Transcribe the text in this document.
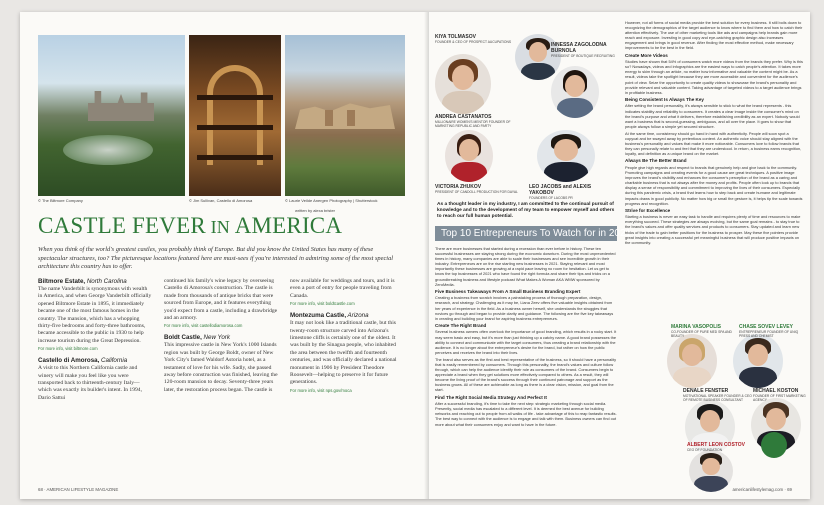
© The Biltmore Company	© Jim Sullivan, Castello di Amorosa	© Laurie Veilde Anergen Photography | Shutterstock
written by alexa brister
CASTLE FEVER IN AMERICA
When you think of the world's greatest castles, you probably think of Europe. But did you know the United States has many of these spectacular structures, too? The picturesque locations featured here are must-sees if you're interested in admiring some of the most special architecture this country has to offer.
Biltmore Estate, North Carolina
The name Vanderbilt is synonymous with wealth in America, and when George Vanderbilt officially opened Biltmore Estate in 1895, it immediately became one of the most famous homes in the country. The mansion, which has a whopping thirty-five bedrooms and forty-three bathrooms, became accessible to the public in 1930 to help increase tourism during the Great Depression.
For more info, visit biltmore.com
Castello di Amorosa, California
A visit to this Northern California castle and winery will make you feel like you were transported back to thirteenth-century Italy—which was exactly its builder's intent. In 1994, Dario Sattui
continued his family's wine legacy by overseeing Castello di Amorosa's construction. The castle is made from thousands of antique bricks that were sourced from Europe, and it features everything you'd expect from a castle, including a drawbridge and an armory.
For more info, visit castellodiamorosa.com
Boldt Castle, New York
This impressive castle in New York's 1000 Islands region was built by George Boldt, owner of New York City's famed Waldorf Astoria hotel, as a testament of love for his wife. Sadly, she passed away before construction was finished, leaving the 120-room mansion to decay. Seventy-three years later, the restoration process began. The castle is
now available for weddings and tours, and it is even a port of entry for people traveling from Canada.
For more info, visit boldtcastle.com
Montezuma Castle, Arizona
It may not look like a traditional castle, but this twenty-room structure carved into Arizona's limestone cliffs is certainly one of the oldest. It was built by the Sinagua people, who inhabited the area between the twelfth and fourteenth centuries, and was officially declared a national monument in 1906 by President Theodore Roosevelt—helping to preserve it for future generations.
For more info, visit nps.gov/moca
68 · AMERICAN LIFESTYLE MAGAZINE
KIYA TOLMASOV
FOUNDER & CEO OF PROSPECT AUCUPATIONS	INNESSA ZAGOLODNA BURNOLA
PRESIDENT OF BOUTIQUE RECRUITING
ANDREA CASTANATOS
MILLIONAIRE WOMEN'S MENTOR FOUNDER OF MARKETING REPUBLIC AND PARTY
VICTORIA ZHUKOV
PRESIDENT OF CANDOLL PRODUCTION FOR DAYAL
LEO JACOBS and ALEXIS YAKOBOV
FOUNDERS OF LACOBS PR
As a thought leader in my industry, I am committed to the continual pursuit of knowledge and to the development of my team to empower myself and others to reach our full human potential.
Top 10 Entrepreneurs To Watch for in 2021

There are more businesses that started during a recession than ever before in history. These ten successful businesses are staying strong during the economic downturn. During the most unprecedented times in history, many companies are able to scale their businesses and see incredible growth in their industry. Entrepreneurs are on the rise starting new businesses in 2021. Staying relevant and most importantly these businesses are growing at a rapid pace leaving no room for hesitation. Let us get to know the top businesses of 2021 who have found the right formula and share their tips and tricks on a groundbreaking business and lifestyle podcast What Makes A Woman AKA WMW sponsored by ZeroMedia.

Five Business Takeaways From A Small Business Branding Expert

Creating a business from scratch involves a painstaking process of thorough preparation, design, research, and strategy. Challenging as it may be, Liana Zeev offers five valuable insights obtained from her years of experience in the field. As a business owner herself, she understands the struggles that novices go through and began to provide clarity and guidance. The following are the five key takeaways in creating and building your brand for aspiring business entrepreneurs.

Create The Right Brand

Several business owners often overlook the importance of good branding, which results in a rocky start. It may seem basic and easy, but it's more than just thinking up a catchy name. A good brand possesses the ability to connect and communicate with the target consumers, thus creating a brand relationship with the audience. It is no longer about the entrepreneur's desire for the brand, but rather on how the public perceives and receives the brand into their lives.

The brand also serves as the first and best representative of the business, so it should have a personality that is easily remembered by consumers. Through this personality, the brand's values and culture follow through, which can help the audience identify their role as consumers of the brand. Consumers begin to appreciate a brand when they get solutions more effectively compared to others. As a result, they will become the living proof of the brand's success through their continued patronage and support as the business grows. All of these are achievable as long as there is a clear vision, mission, and goal from the start.

Find The Right Social Media Strategy And Perfect It

After a successful branding, it's time to take the next step: strategic marketing through social media. Presently, social media has escalated to a different level. It is deemed the best avenue for building networks and reaching out to people from all walks of life - take advantage of this to reap fantastic results. The best way to connect with the audience is to engage and talk with them. Business owners can find out more about what their consumers enjoy and want to have in the future.

However, not all forms of social media provide the best solution for every business. It still boils down to recognizing the demographics of the target audience to know where to find them and how to catch their attention effectively. The use of other marketing tools like ads and campaigns help brands gain more reach and exposure. Investing in good copy and eye-catching graphic design also increases engagement and brings in good revenue. After finding the most effective method, make necessary improvements to be the best in the field.

Create More Videos

Studies have shown that 54% of consumers watch more videos from the brands they prefer. Why is this so? Nowadays, videos and infographics are the easiest ways to catch people's attention. It takes more energy to skim through an article, no matter how informative and valuable the content might be. As a result, videos take the spotlight because they are more accessible and convenient for the audience's point of view. Seize the opportunity to create quality videos to showcase the brand's personality and provide relevant and valuable content. Taking advantage of targeted videos to a target audience brings in profitable business.

Being Consistent Is Always The Key

After setting the brand personality, it's always sensible to stick to what the brand represents - this indicates stability and reliability to consumers. It creates a clear image inside the consumer's mind on the brand's purpose and what it delivers, therefore establishing credibility as an expert. Nobody would want a business that is second-guessing, ambiguous, and all over the place. It goes to show that people always follow a simple yet secured structure.

At the same time, consistency should go hand in hand with authenticity. People will soon spot a copycat and be swayed away by pretentious content. An authentic voice should stay aligned with the business's personality and values that make it more noticeable. Consumers love to follow brands that they can personally relate to and feel that they are understood. In return, a business earns recognition, loyalty, and definition as a unique brand on the market.

Always Be The Better Brand

People give high regards and respect to brands that genuinely help and give back to the community. Promoting campaigns and creating events for a good cause are great techniques. A positive image improves the brand's visibility and enhances the consumer's perception of the brand as a caring and charitable business that is not always after the money and profits. People often look up to brands that display a sense of responsibility and commitment to improving the lives of their consumers. Especially during this pandemic crisis, a brand that learns how to step back and create humane and legitimate impacts draws in good publicity. No matter how big or small the gesture is, it helps tip the scale towards progress and recognition.

Strive for Excellence

Starting a business is never an easy task to handle and requires plenty of time and resources to make everything succeed. These strategies are always evolving, but the same goal remains - to stay true to the brand's values and offer quality services and products to consumers. Stay updated and learn new tricks of the trade to gain better positions for the business to prosper. May these five pointers provide great insights into creating a successful yet meaningful business that will produce positive impacts on the community.

MARINA VASOPOLIS
CO-FOUNDER OF PURE MED SPA AND BEAUTY
CHASE SOVEV LEVEY
ENTREPRENEUR FOUNDER OF UNIQ PRESS AND CHEMIST
DENALE FENSTER
MOTIVATIONAL SPEAKER FOUNDER & CEO OF REMOTE BUSINESS CONSULTANT
MICHAEL KOSTON
FOUNDER OF FIRST MARKETING AGENCY
ALBERT LEON COSTOV
CEO OF FOUNDATION
americanlifestylemag.com · 69
